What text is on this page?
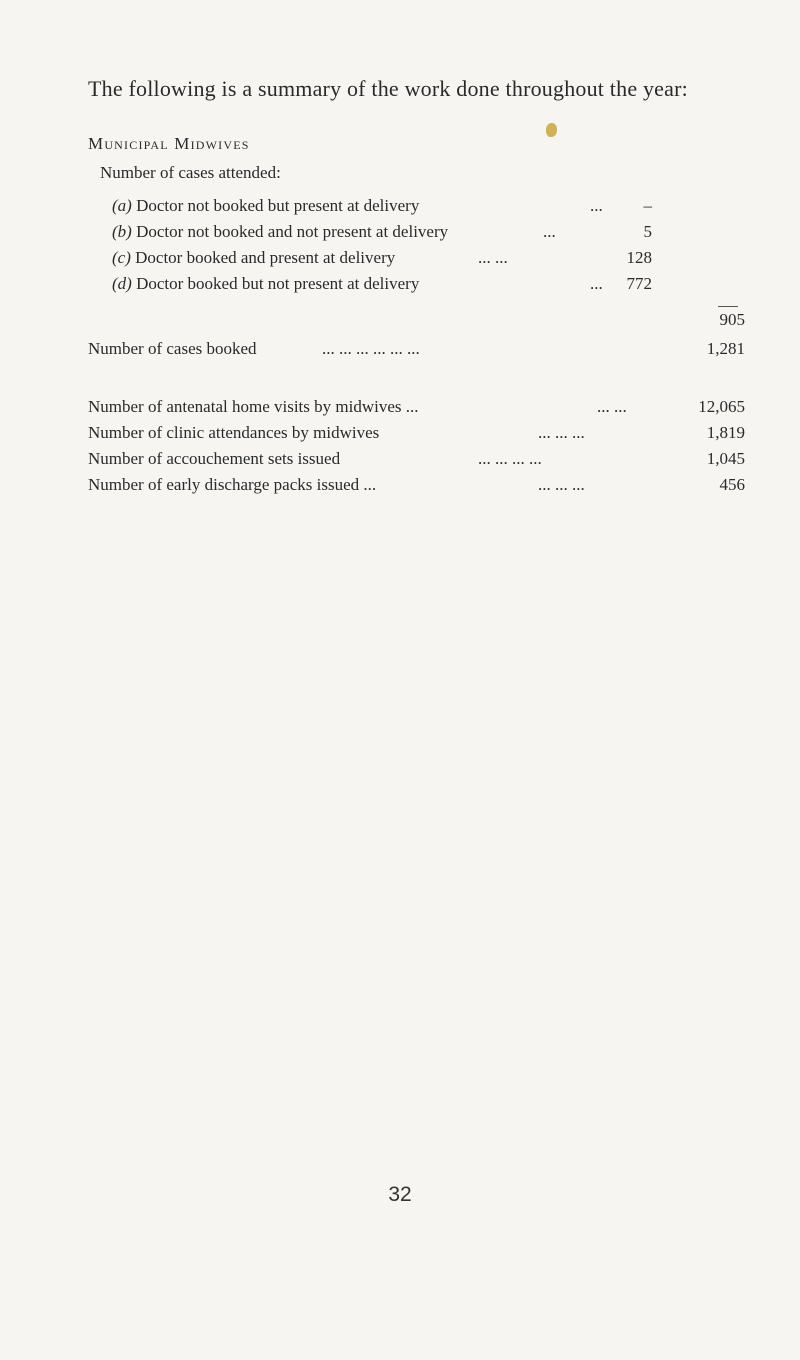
The following is a summary of the work done throughout the year:
Municipal Midwives
Number of cases attended:
(a) Doctor not booked but present at delivery	...	–
(b) Doctor not booked and not present at delivery	...	5
(c) Doctor booked and present at delivery	... ...	128
(d) Doctor booked but not present at delivery	...	772
905
Number of cases booked	... ... ... ... ... ...	1,281
Number of antenatal home visits by midwives ...	... ...	12,065
Number of clinic attendances by midwives	... ... ...	1,819
Number of accouchement sets issued	... ... ... ...	1,045
Number of early discharge packs issued ...	... ... ...	456
32
